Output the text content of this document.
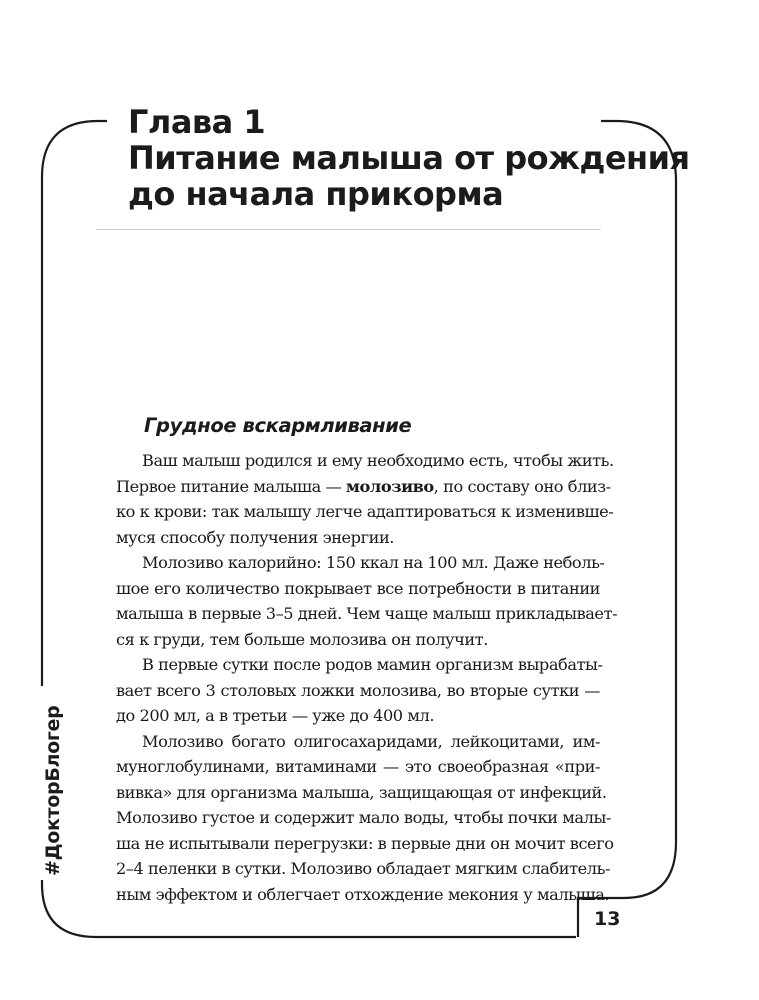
Глава 1
Питание малыша от рождения
до начала прикорма
Грудное вскармливание
Ваш малыш родился и ему необходимо есть, чтобы жить.
Первое питание малыша — молозиво, по составу оно близ-
ко к крови: так малышу легче адаптироваться к изменивше-
муся способу получения энергии.
Молозиво калорийно: 150 ккал на 100 мл. Даже неболь-
шое его количество покрывает все потребности в питании
малыша в первые 3–5 дней. Чем чаще малыш прикладывает-
ся к груди, тем больше молозива он получит.
В первые сутки после родов мамин организм вырабаты-
вает всего 3 столовых ложки молозива, во вторые сутки —
до 200 мл, а в третьи — уже до 400 мл.
Молозиво богато олигосахаридами, лейкоцитами, им-
муноглобулинами, витаминами — это своеобразная «при-
вивка» для организма малыша, защищающая от инфекций.
Молозиво густое и содержит мало воды, чтобы почки малы-
ша не испытывали перегрузки: в первые дни он мочит всего
2–4 пеленки в сутки. Молозиво обладает мягким слабитель-
ным эффектом и облегчает отхождение мекония у малыша.
#ДокторБлогер
13
